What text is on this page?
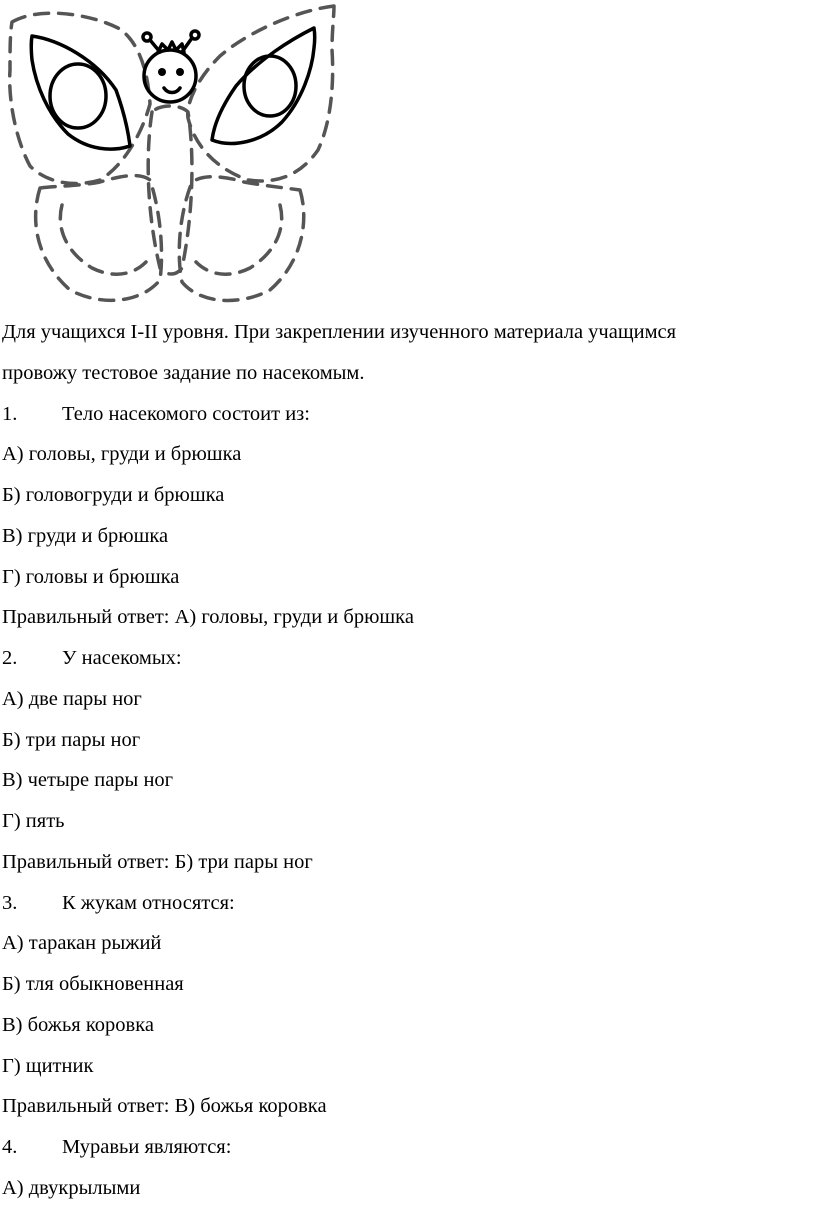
Для учащихся I-II уровня. При закреплении изученного материала учащимся

провожу тестовое задание по насекомым.

1. Тело насекомого состоит из:

А) головы, груди и брюшка

Б) головогруди и брюшка

В) груди и брюшка

Г) головы и брюшка

Правильный ответ: А) головы, груди и брюшка

2. У насекомых:

А) две пары ног

Б) три пары ног

В) четыре пары ног

Г) пять

Правильный ответ: Б) три пары ног

3. К жукам относятся:

А) таракан рыжий

Б) тля обыкновенная

В) божья коровка

Г) щитник

Правильный ответ: В) божья коровка

4. Муравьи являются:

А) двукрылыми
